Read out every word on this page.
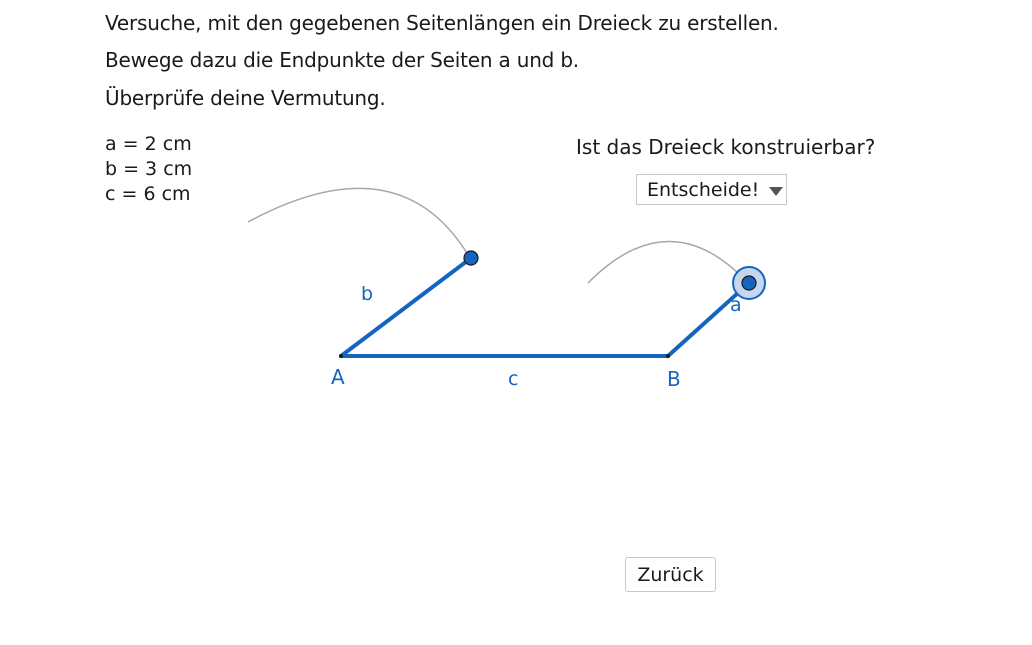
Versuche, mit den gegebenen Seitenlängen ein Dreieck zu erstellen.
Bewege dazu die Endpunkte der Seiten a und b.
Überprüfe deine Vermutung.
a = 2 cm
b = 3 cm
c = 6 cm
Ist das Dreieck konstruierbar?
Entscheide!
b	a
c
A	B
Zurück
